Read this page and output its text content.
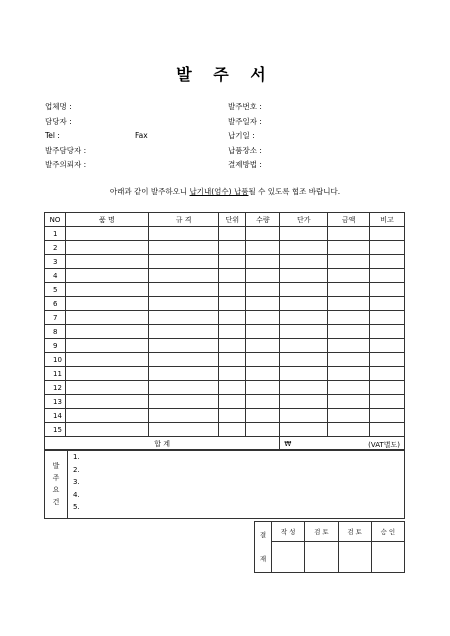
발 주 서
업체명 :
담당자 :
Tel :	Fax
발주담당자 :
발주의뢰자 :
발주번호 :
발주일자 :
납기일 :
납품장소 :
결제방법 :
아래과 같이 발주하오니 납기내(엄수) 납품될 수 있도록 협조 바랍니다.
NO	품 명	규 격	단위	수량	단가	금액	비고
1							
2							
3							
4							
5							
6							
7							
8							
9							
10							
11							
12							
13							
14							
15							
합 계					₩ (VAT별도)		
발
주
요
건

1.
2.
3.
4.
5.
결
재	작 성	검 토	검 토	승 인
